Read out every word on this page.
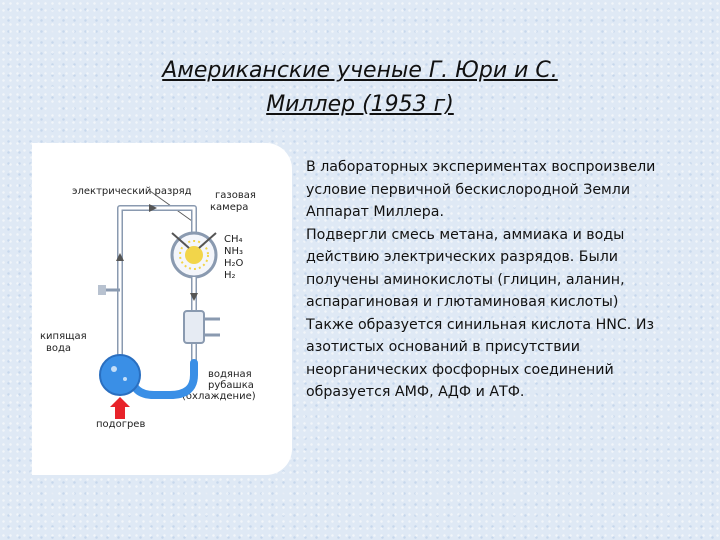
Американские ученые Г. Юри и С.
Миллер (1953 г)
электрический разряд газовая
камера
CH₄
NH₃
H₂O
H₂
кипящая
вода
водяная
рубашка
(охлаждение)
подогрев

В лабораторных экспериментах воспроизвели условие первичной бескислородной Земли

Аппарат Миллера.

Подвергли смесь метана, аммиака и воды действию электрических разрядов. Были получены аминокислоты (глицин, аланин, аспарагиновая и глютаминовая кислоты)

Также образуется синильная кислота HNC. Из азотистых оснований в присутствии неорганических фосфорных соединений образуется АМФ, АДФ и АТФ.
